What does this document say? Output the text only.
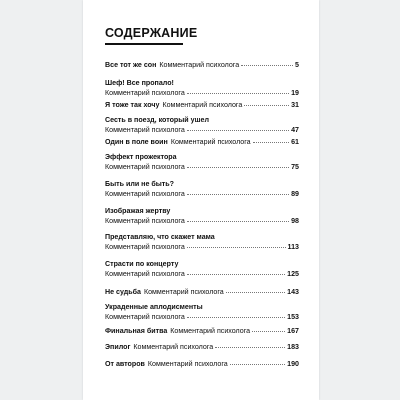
СОДЕРЖАНИЕ
Все тот же сон Комментарий психолога	5
Шеф! Все пропало!
Комментарий психолога	19
Я тоже так хочу Комментарий психолога	31
Сесть в поезд, который ушел
Комментарий психолога	47
Один в поле воин Комментарий психолога	61
Эффект прожектора
Комментарий психолога	75
Быть или не быть?
Комментарий психолога	89
Изображая жертву
Комментарий психолога	98
Представляю, что скажет мама
Комментарий психолога	113
Страсти по концерту
Комментарий психолога	125
Не судьба Комментарий психолога	143
Украденные аплодисменты
Комментарий психолога	153
Финальная битва Комментарий психолога	167
Эпилог Комментарий психолога	183
От авторов Комментарий психолога	190
